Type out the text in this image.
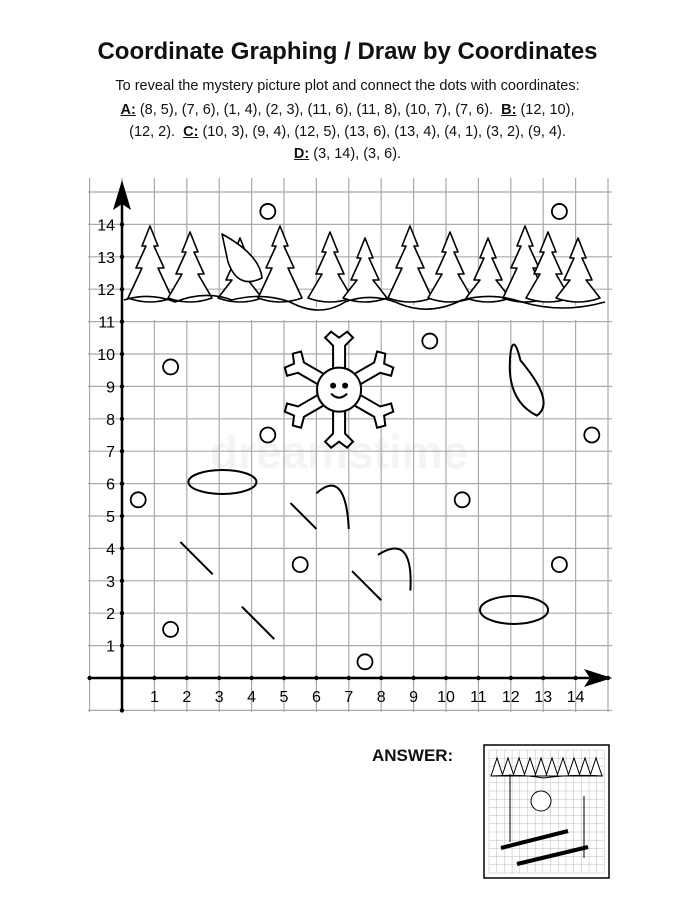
Coordinate Graphing / Draw by Coordinates
To reveal the mystery picture plot and connect the dots with coordinates:
A: (8, 5), (7, 6), (1, 4), (2, 3), (11, 6), (11, 8), (10, 7), (7, 6). B: (12, 10),
(12, 2). C: (10, 3), (9, 4), (12, 5), (13, 6), (13, 4), (4, 1), (3, 2), (9, 4).
D: (3, 14), (3, 6).
1 2 3 4 5 6 7 8 9 10 11 12 13 14
1
2
3
4
5
6
7
8
9
10
11
12
13
14
ANSWER:
